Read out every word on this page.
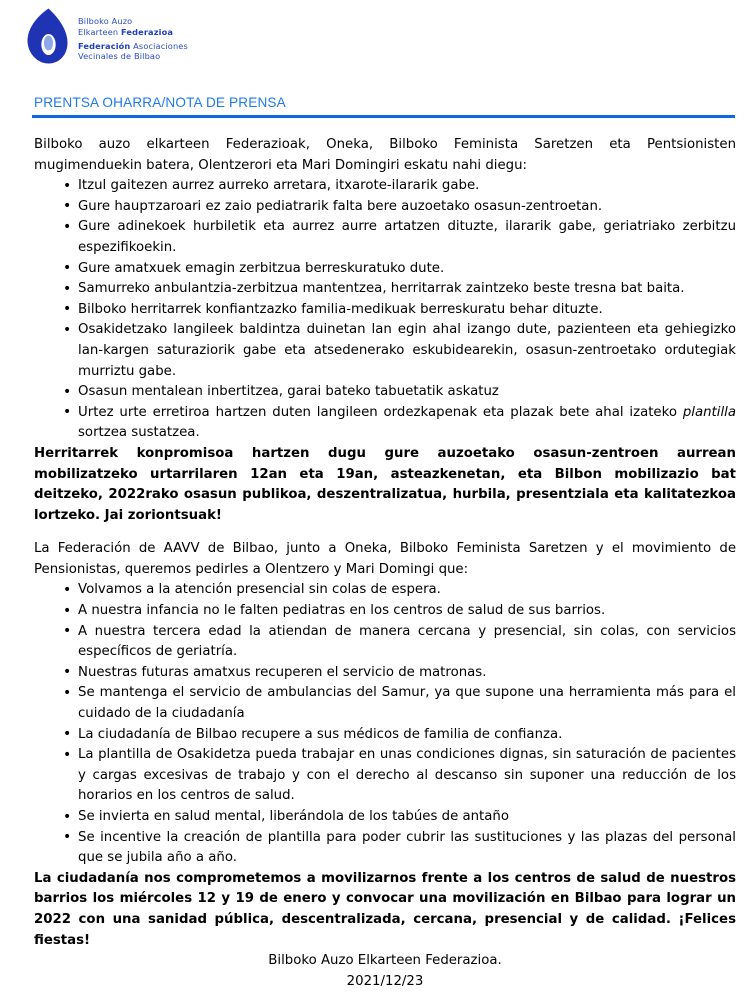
Bilboko Auzo
Elkarteen Federazioa
Federación Asociaciones
Vecinales de Bilbao
PRENTSA OHARRA/NOTA DE PRENSA

Bilboko auzo elkarteen Federazioak, Oneka, Bilboko Feminista Saretzen eta Pentsionisten mugimenduekin batera, Olentzerori eta Mari Domingiri eskatu nahi diegu:

• Itzul gaitezen aurrez aurreko arretara, itxarote-ilararik gabe.
• Gure hauртzaroari ez zaio pediatrarik falta bere auzoetako osasun-zentroetan.
• Gure adinekoek hurbiletik eta aurrez aurre artatzen dituzte, ilararik gabe, geriatriako zerbitzu espezifikoekin.
• Gure amatxuek emagin zerbitzua berreskuratuko dute.
• Samurreko anbulantzia-zerbitzua mantentzea, herritarrak zaintzeko beste tresna bat baita.
• Bilboko herritarrek konfiantzazko familia-medikuak berreskuratu behar dituzte.
• Osakidetzako langileek baldintza duinetan lan egin ahal izango dute, pazienteen eta gehiegizko lan-kargen saturaziorik gabe eta atsedenerako eskubidearekin, osasun-zentroetako ordutegiak murriztu gabe.
• Osasun mentalean inbertitzea, garai bateko tabuetatik askatuz
• Urtez urte erretiroa hartzen duten langileen ordezkapenak eta plazak bete ahal izateko plantilla sortzea sustatzea.

Herritarrek konpromisoa hartzen dugu gure auzoetako osasun-zentroen aurrean mobilizatzeko urtarrilaren 12an eta 19an, asteazkenetan, eta Bilbon mobilizazio bat deitzeko, 2022rako osasun publikoa, deszentralizatua, hurbila, presentziala eta kalitatezkoa lortzeko. Jai zoriontsuak!

La Federación de AAVV de Bilbao, junto a Oneka, Bilboko Feminista Saretzen y el movimiento de Pensionistas, queremos pedirles a Olentzero y Mari Domingi que:

• Volvamos a la atención presencial sin colas de espera.
• A nuestra infancia no le falten pediatras en los centros de salud de sus barrios.
• A nuestra tercera edad la atiendan de manera cercana y presencial, sin colas, con servicios específicos de geriatría.
• Nuestras futuras amatxus recuperen el servicio de matronas.
• Se mantenga el servicio de ambulancias del Samur, ya que supone una herramienta más para el cuidado de la ciudadanía
• La ciudadanía de Bilbao recupere a sus médicos de familia de confianza.
• La plantilla de Osakidetza pueda trabajar en unas condiciones dignas, sin saturación de pacientes y cargas excesivas de trabajo y con el derecho al descanso sin suponer una reducción de los horarios en los centros de salud.
• Se invierta en salud mental, liberándola de los tabúes de antaño
• Se incentive la creación de plantilla para poder cubrir las sustituciones y las plazas del personal que se jubila año a año.

La ciudadanía nos comprometemos a movilizarnos frente a los centros de salud de nuestros barrios los miércoles 12 y 19 de enero y convocar una movilización en Bilbao para lograr un 2022 con una sanidad pública, descentralizada, cercana, presencial y de calidad. ¡Felices fiestas!

Bilboko Auzo Elkarteen Federazioa.
2021/12/23
